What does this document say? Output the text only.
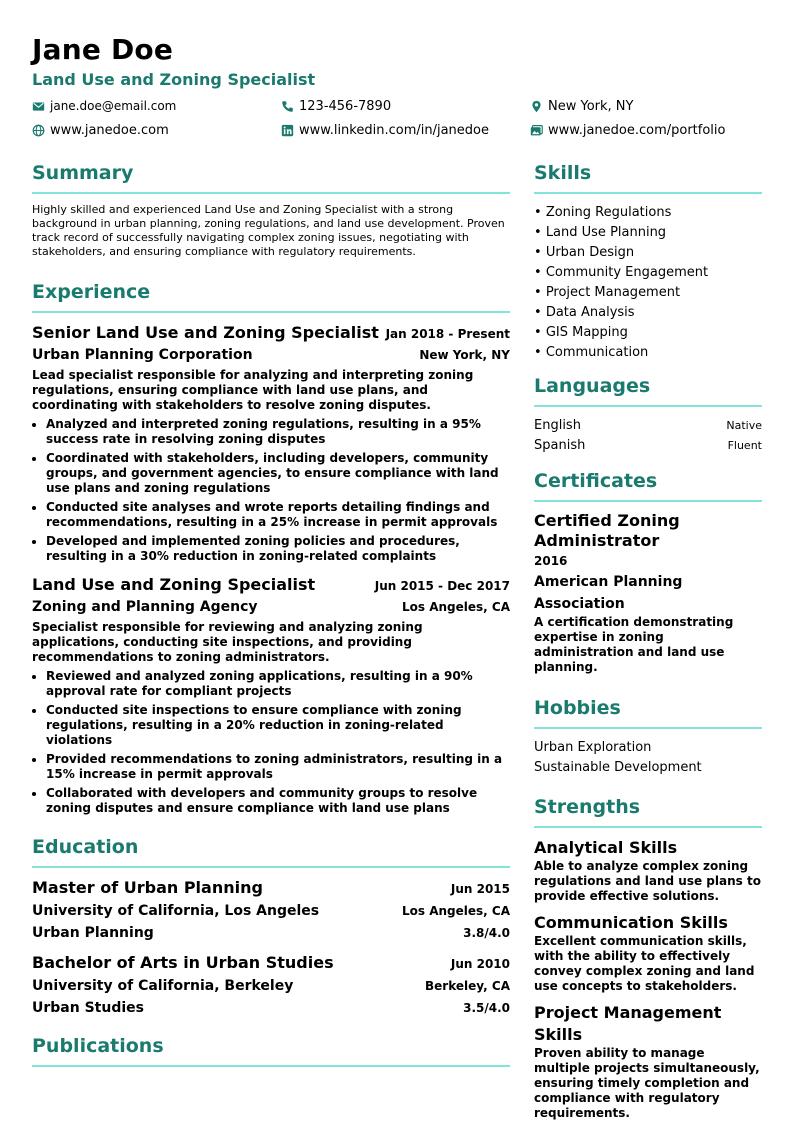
Jane Doe
Land Use and Zoning Specialist
jane.doe@email.com	123-456-7890	New York, NY
www.janedoe.com	www.linkedin.com/in/janedoe	www.janedoe.com/portfolio
Summary
Highly skilled and experienced Land Use and Zoning Specialist with a strong background in urban planning, zoning regulations, and land use development. Proven track record of successfully navigating complex zoning issues, negotiating with stakeholders, and ensuring compliance with regulatory requirements.
Experience
Senior Land Use and Zoning Specialist Jan 2018 - Present
Urban Planning Corporation	New York, NY
Lead specialist responsible for analyzing and interpreting zoning regulations, ensuring compliance with land use plans, and coordinating with stakeholders to resolve zoning disputes.
• Analyzed and interpreted zoning regulations, resulting in a 95% success rate in resolving zoning disputes
• Coordinated with stakeholders, including developers, community groups, and government agencies, to ensure compliance with land use plans and zoning regulations
• Conducted site analyses and wrote reports detailing findings and recommendations, resulting in a 25% increase in permit approvals
• Developed and implemented zoning policies and procedures, resulting in a 30% reduction in zoning-related complaints
Land Use and Zoning Specialist	Jun 2015 - Dec 2017
Zoning and Planning Agency	Los Angeles, CA
Specialist responsible for reviewing and analyzing zoning applications, conducting site inspections, and providing recommendations to zoning administrators.
• Reviewed and analyzed zoning applications, resulting in a 90% approval rate for compliant projects
• Conducted site inspections to ensure compliance with zoning regulations, resulting in a 20% reduction in zoning-related violations
• Provided recommendations to zoning administrators, resulting in a 15% increase in permit approvals
• Collaborated with developers and community groups to resolve zoning disputes and ensure compliance with land use plans
Education
Master of Urban Planning	Jun 2015
University of California, Los Angeles	Los Angeles, CA
Urban Planning	3.8/4.0
Bachelor of Arts in Urban Studies	Jun 2010
University of California, Berkeley	Berkeley, CA
Urban Studies	3.5/4.0
Publications
Skills
• Zoning Regulations
• Land Use Planning
• Urban Design
• Community Engagement
• Project Management
• Data Analysis
• GIS Mapping
• Communication
Languages
English	Native
Spanish	Fluent
Certificates
Certified Zoning Administrator
2016
American Planning Association
A certification demonstrating expertise in zoning administration and land use planning.
Hobbies
Urban Exploration
Sustainable Development
Strengths
Analytical Skills
Able to analyze complex zoning regulations and land use plans to provide effective solutions.
Communication Skills
Excellent communication skills, with the ability to effectively convey complex zoning and land use concepts to stakeholders.
Project Management Skills
Proven ability to manage multiple projects simultaneously, ensuring timely completion and compliance with regulatory requirements.
